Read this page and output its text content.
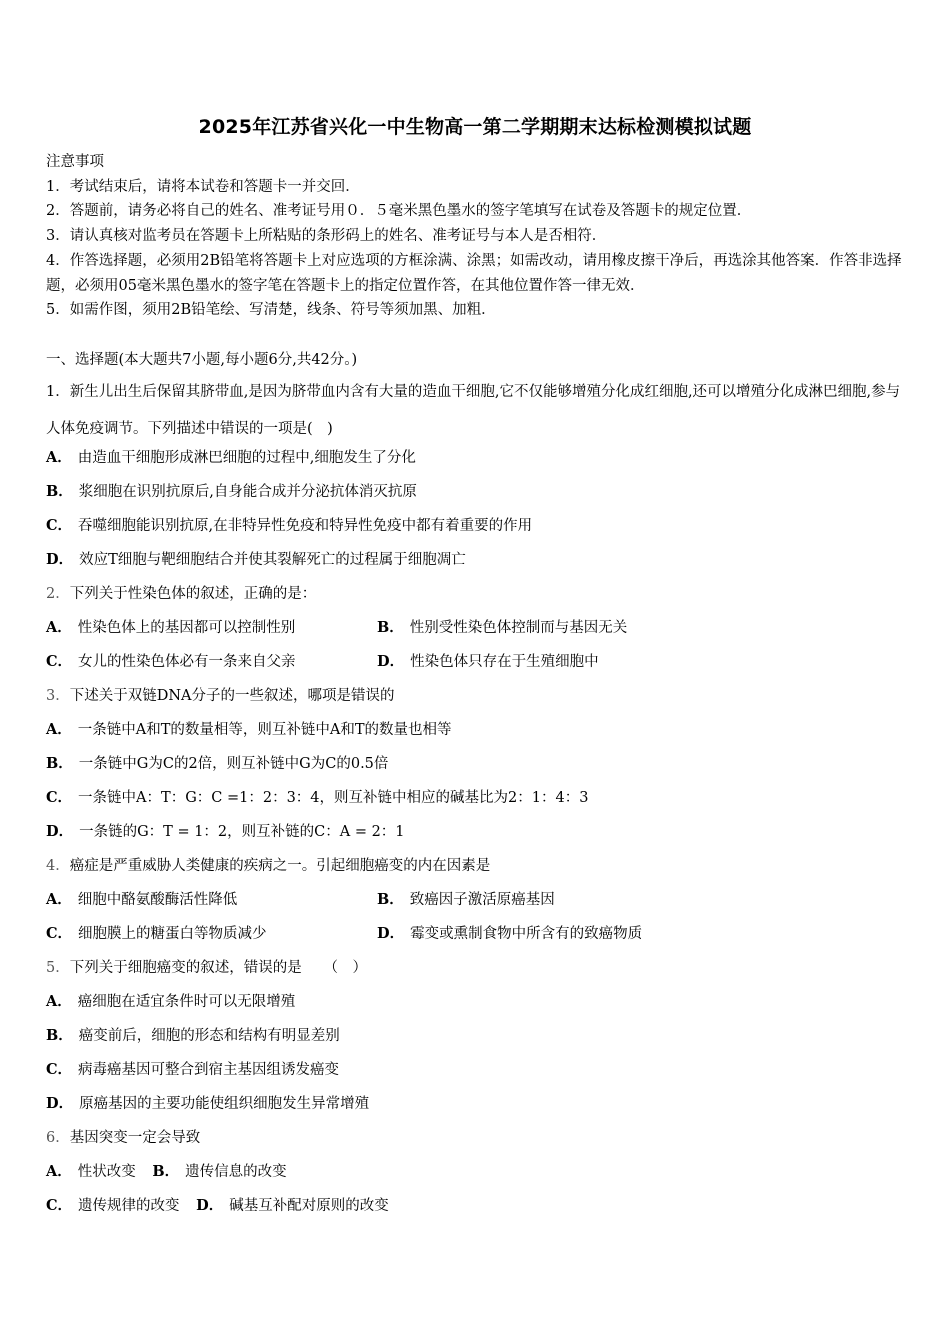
2025年江苏省兴化一中生物高一第二学期期末达标检测模拟试题
注意事项
1．考试结束后，请将本试卷和答题卡一并交回．
2．答题前，请务必将自己的姓名、准考证号用０．５毫米黑色墨水的签字笔填写在试卷及答题卡的规定位置．
3．请认真核对监考员在答题卡上所粘贴的条形码上的姓名、准考证号与本人是否相符．
4．作答选择题，必须用2B铅笔将答题卡上对应选项的方框涂满、涂黑；如需改动，请用橡皮擦干净后，再选涂其他答案．作答非选择题，必须用05毫米黑色墨水的签字笔在答题卡上的指定位置作答，在其他位置作答一律无效．
5．如需作图，须用2B铅笔绘、写清楚，线条、符号等须加黑、加粗．
一、选择题(本大题共7小题,每小题6分,共42分。)
1．新生儿出生后保留其脐带血,是因为脐带血内含有大量的造血干细胞,它不仅能够增殖分化成红细胞,还可以增殖分化成淋巴细胞,参与人体免疫调节。下列描述中错误的一项是(　)
A． 由造血干细胞形成淋巴细胞的过程中,细胞发生了分化
B． 浆细胞在识别抗原后,自身能合成并分泌抗体消灭抗原
C． 吞噬细胞能识别抗原,在非特异性免疫和特异性免疫中都有着重要的作用
D． 效应T细胞与靶细胞结合并使其裂解死亡的过程属于细胞凋亡
2．下列关于性染色体的叙述，正确的是：
A． 性染色体上的基因都可以控制性别	B． 性别受性染色体控制而与基因无关
C． 女儿的性染色体必有一条来自父亲	D． 性染色体只存在于生殖细胞中
3．下述关于双链DNA分子的一些叙述，哪项是错误的
A． 一条链中A和T的数量相等，则互补链中A和T的数量也相等
B． 一条链中G为C的2倍，则互补链中G为C的0.5倍
C． 一条链中A：T：G：C =1：2：3：4，则互补链中相应的碱基比为2：1：4：3
D． 一条链的G：T = 1：2，则互补链的C：A = 2：1
4．癌症是严重威胁人类健康的疾病之一。引起细胞癌变的内在因素是
A． 细胞中酪氨酸酶活性降低	B． 致癌因子激活原癌基因
C． 细胞膜上的糖蛋白等物质减少	D． 霉变或熏制食物中所含有的致癌物质
5．下列关于细胞癌变的叙述，错误的是　　（　）
A． 癌细胞在适宜条件时可以无限增殖
B． 癌变前后，细胞的形态和结构有明显差别
C． 病毒癌基因可整合到宿主基因组诱发癌变
D． 原癌基因的主要功能使组织细胞发生异常增殖
6．基因突变一定会导致
A． 性状改变 B． 遗传信息的改变
C． 遗传规律的改变 D． 碱基互补配对原则的改变
